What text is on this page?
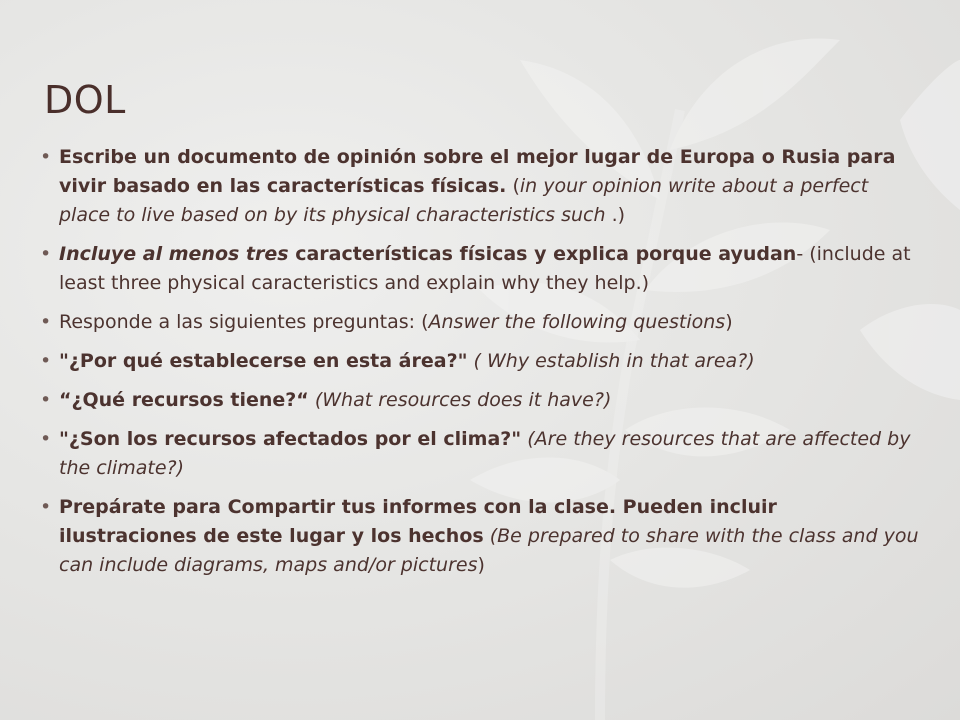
DOL
• Escribe un documento de opinión sobre el mejor lugar de Europa o Rusia para vivir basado en las características físicas. (in your opinion write about a perfect place to live based on by its physical characteristics such .)
• Incluye al menos tres características físicas y explica porque ayudan- (include at least three physical caracteristics and explain why they help.)
• Responde a las siguientes preguntas: (Answer the following questions)
• "¿Por qué establecerse en esta área?" ( Why establish in that area?)
• “¿Qué recursos tiene?“ (What resources does it have?)
• "¿Son los recursos afectados por el clima?" (Are they resources that are affected by the climate?)
• Prepárate para Compartir tus informes con la clase. Pueden incluir ilustraciones de este lugar y los hechos (Be prepared to share with the class and you can include diagrams, maps and/or pictures)
